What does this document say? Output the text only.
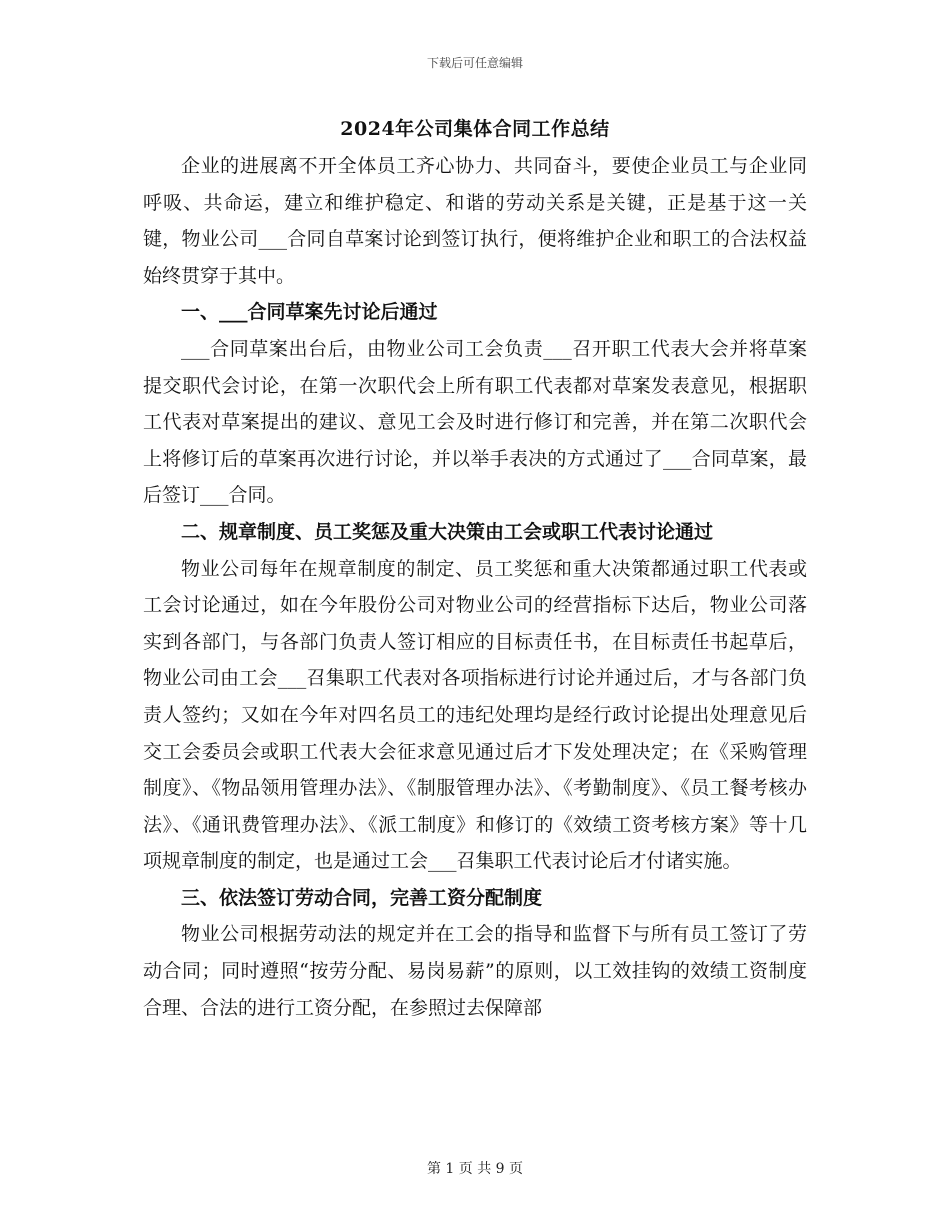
下载后可任意编辑
2024年公司集体合同工作总结

企业的进展离不开全体员工齐心协力、共同奋斗，要使企业员工与企业同呼吸、共命运，建立和维护稳定、和谐的劳动关系是关键，正是基于这一关键，物业公司___合同自草案讨论到签订执行，便将维护企业和职工的合法权益始终贯穿于其中。

一、___合同草案先讨论后通过

___合同草案出台后，由物业公司工会负责___召开职工代表大会并将草案提交职代会讨论，在第一次职代会上所有职工代表都对草案发表意见，根据职工代表对草案提出的建议、意见工会及时进行修订和完善，并在第二次职代会上将修订后的草案再次进行讨论，并以举手表决的方式通过了___合同草案，最后签订___合同。

二、规章制度、员工奖惩及重大决策由工会或职工代表讨论通过

物业公司每年在规章制度的制定、员工奖惩和重大决策都通过职工代表或工会讨论通过，如在今年股份公司对物业公司的经营指标下达后，物业公司落实到各部门，与各部门负责人签订相应的目标责任书，在目标责任书起草后，物业公司由工会___召集职工代表对各项指标进行讨论并通过后，才与各部门负责人签约；又如在今年对四名员工的违纪处理均是经行政讨论提出处理意见后交工会委员会或职工代表大会征求意见通过后才下发处理决定；在《采购管理制度》、《物品领用管理办法》、《制服管理办法》、《考勤制度》、《员工餐考核办法》、《通讯费管理办法》、《派工制度》和修订的《效绩工资考核方案》等十几项规章制度的制定，也是通过工会___召集职工代表讨论后才付诸实施。

三、依法签订劳动合同，完善工资分配制度

物业公司根据劳动法的规定并在工会的指导和监督下与所有员工签订了劳动合同；同时遵照“按劳分配、易岗易薪”的原则，以工效挂钩的效绩工资制度合理、合法的进行工资分配，在参照过去保障部

第 1 页 共 9 页
